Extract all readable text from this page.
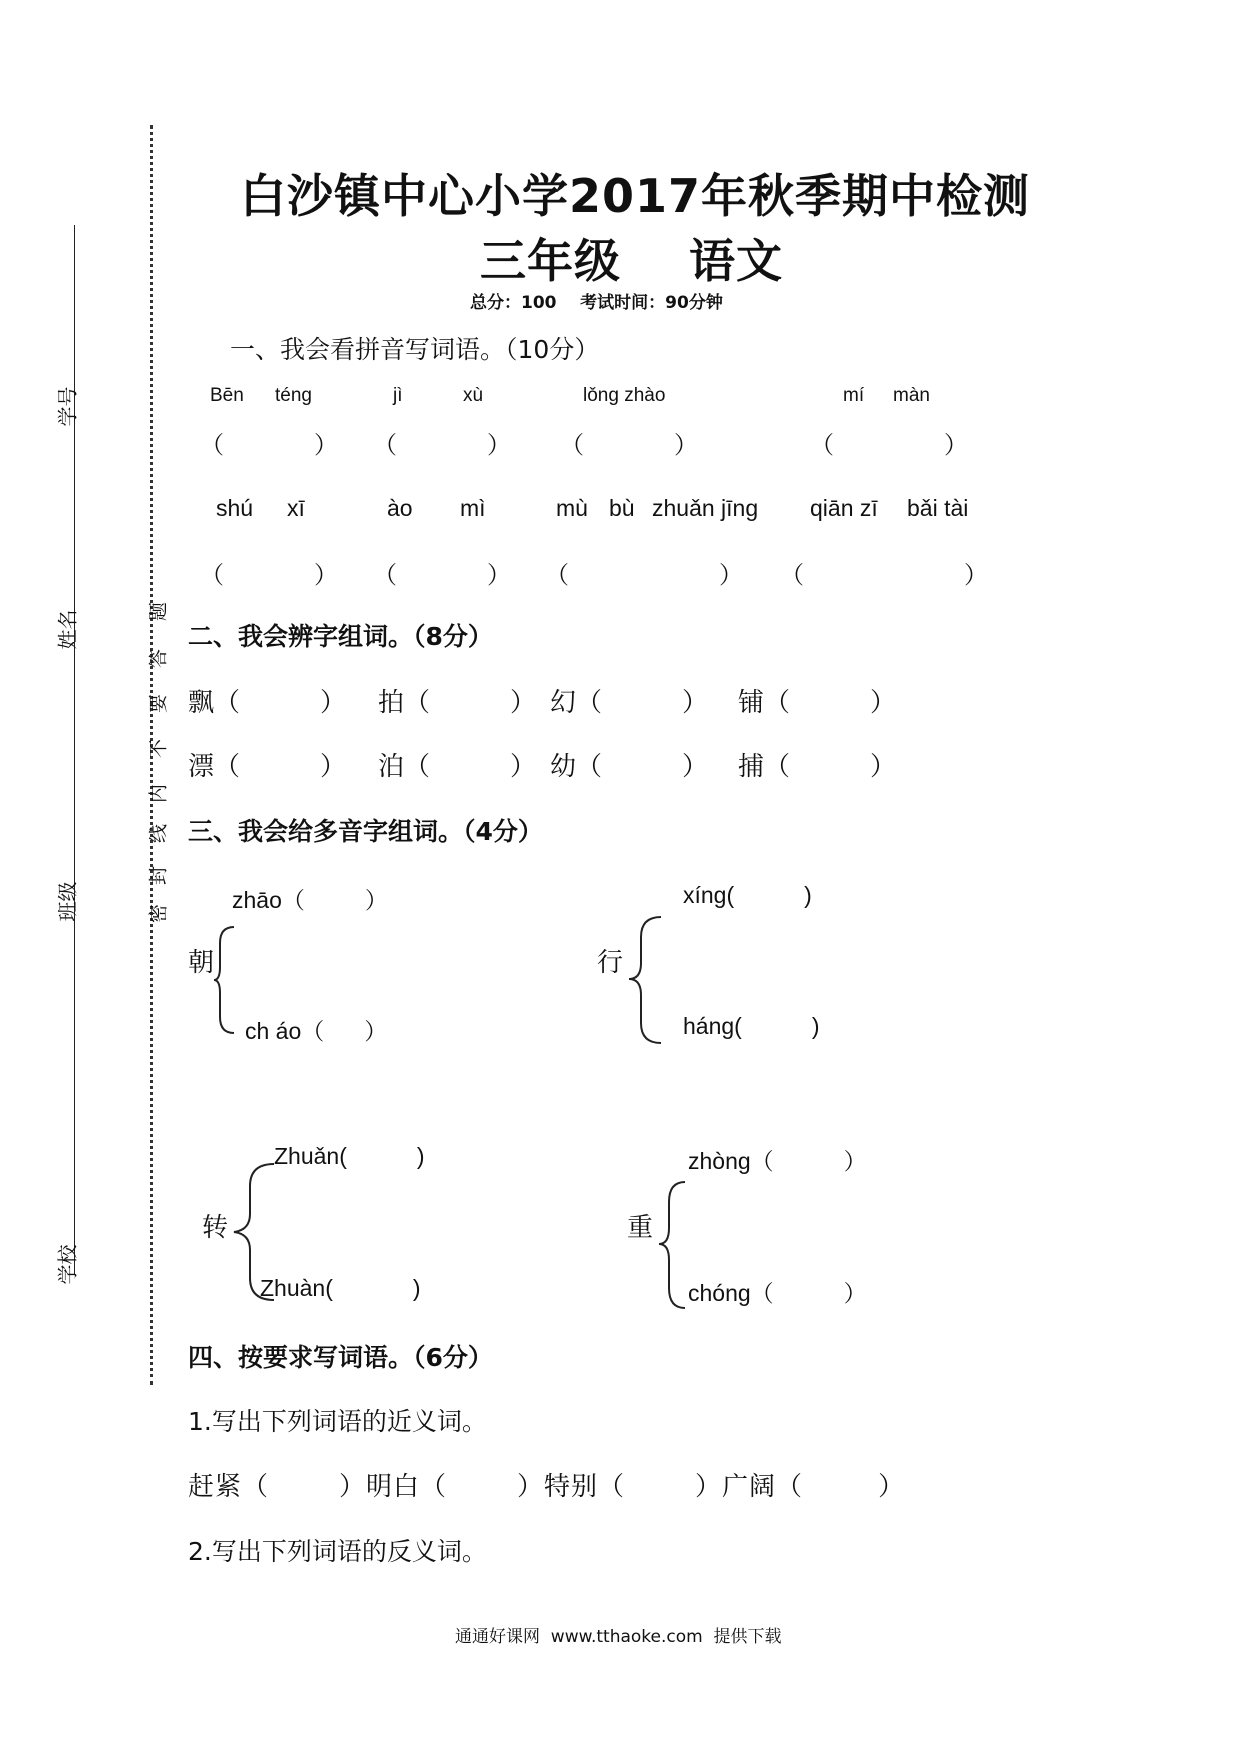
学号
姓名
班级
学校
题
答
要
不
内
线
封
密
白沙镇中心小学2017年秋季期中检测
三年级    语文
总分：100    考试时间：90分钟
一、我会看拼音写词语。（10分）
Bēn téng	jì	xù	lǒng zhào	mí màn
（	） （	） （	）	（	）
shú xī	ào mì	mù bù zhuǎn jīng qiān zī bǎi tài
（	） （	） （	） （	）
二、我会辨字组词。（8分）
飘（	） 拍（	） 幻（	） 铺（	）
漂（	） 泊（	） 幼（	） 捕（	）
三、我会给多音字组词。（4分）
zhāo（	）
朝
ch áo（ ）
xíng(	)
行
háng(	)
Zhuǎn(	)
转
Zhuàn(	)
zhòng（	）
重
chóng（	）
四、按要求写词语。（6分）
1.写出下列词语的近义词。
赶紧（	）明白（	）特别（	）广阔（	）
2.写出下列词语的反义词。
通通好课网  www.tthaoke.com  提供下载
